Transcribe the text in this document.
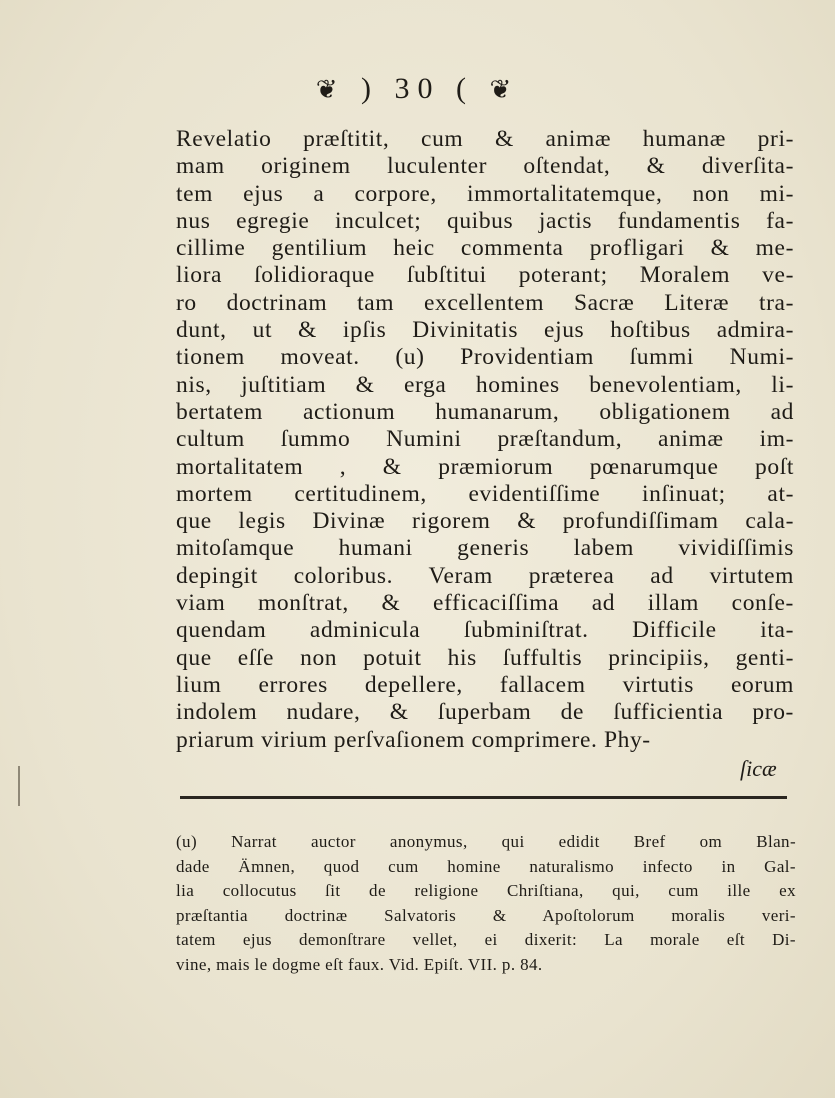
❦ ) 30 ( ❦
Revelatio præſtitit, cum & animæ humanæ pri-
mam originem luculenter oſtendat, & diverſita-
tem ejus a corpore, immortalitatemque, non mi-
nus egregie inculcet; quibus jactis fundamentis fa-
cillime gentilium heic commenta profligari & me-
liora ſolidioraque ſubſtitui poterant; Moralem ve-
ro doctrinam tam excellentem Sacræ Literæ tra-
dunt, ut & ipſis Divinitatis ejus hoſtibus admira-
tionem moveat. (u) Providentiam ſummi Numi-
nis, juſtitiam & erga homines benevolentiam, li-
bertatem actionum humanarum, obligationem ad
cultum ſummo Numini præſtandum, animæ im-
mortalitatem , & præmiorum pœnarumque poſt
mortem certitudinem, evidentiſſime inſinuat; at-
que legis Divinæ rigorem & profundiſſimam cala-
mitoſamque humani generis labem vividiſſimis
depingit coloribus. Veram præterea ad virtutem
viam monſtrat, & efficaciſſima ad illam conſe-
quendam adminicula ſubminiſtrat. Difficile ita-
que eſſe non potuit his ſuffultis principiis, genti-
lium errores depellere, fallacem virtutis eorum
indolem nudare, & ſuperbam de ſufficientia pro-
priarum virium perſvaſionem comprimere. Phy-
ſicæ
(u) Narrat auctor anonymus, qui edidit Bref om Blan-
dade Ämnen, quod cum homine naturalismo infecto in Gal-
lia collocutus ſit de religione Chriſtiana, qui, cum ille ex
præſtantia doctrinæ Salvatoris & Apoſtolorum moralis veri-
tatem ejus demonſtrare vellet, ei dixerit: La morale eſt Di-
vine, mais le dogme eſt faux. Vid. Epiſt. VII. p. 84.
